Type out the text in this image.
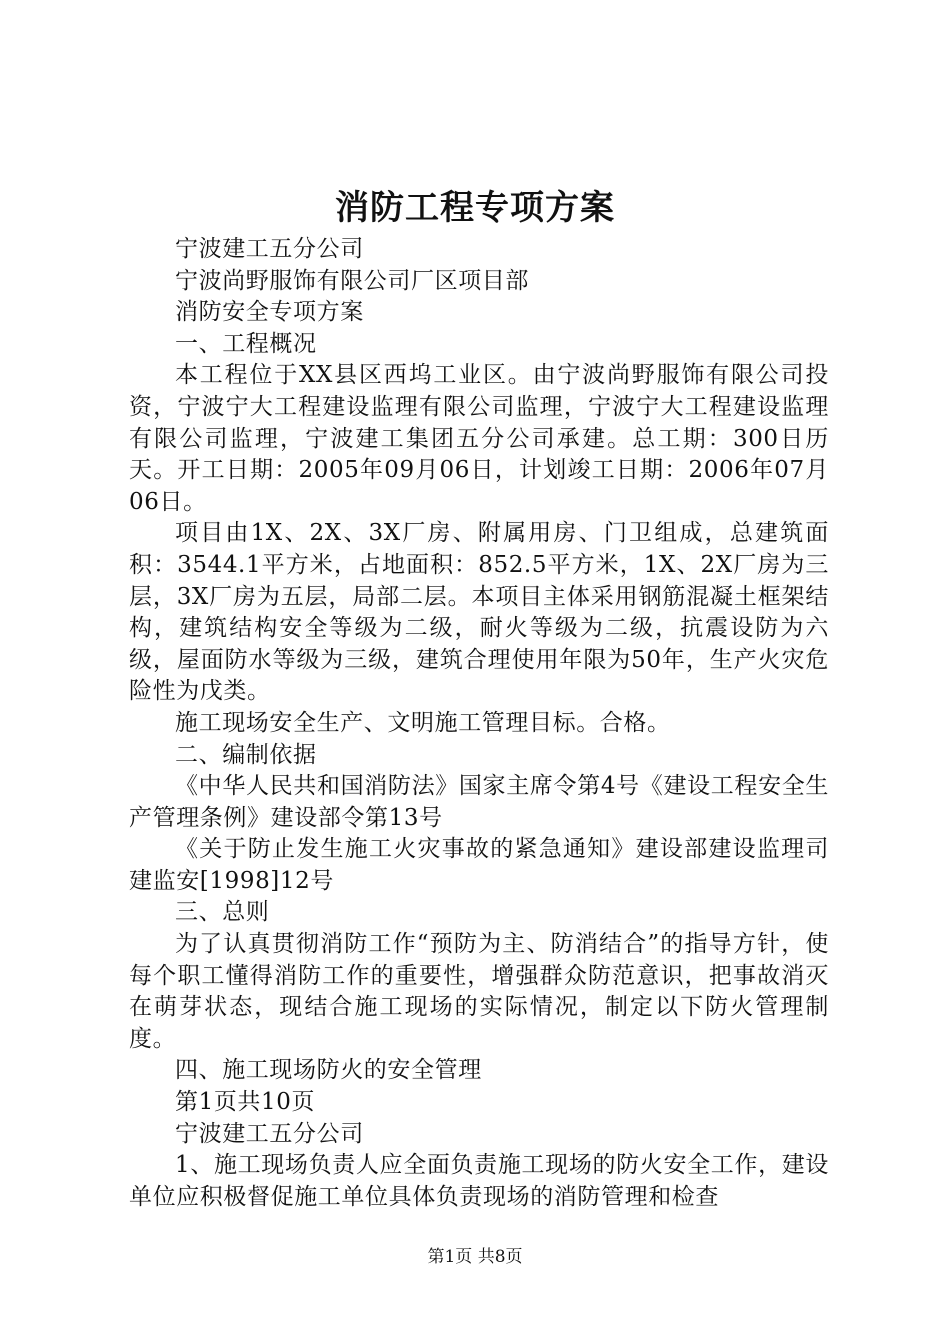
消防工程专项方案

宁波建工五分公司

宁波尚野服饰有限公司厂区项目部

消防安全专项方案

一、工程概况

本工程位于XX县区西坞工业区。由宁波尚野服饰有限公司投资，宁波宁大工程建设监理有限公司监理，宁波宁大工程建设监理有限公司监理，宁波建工集团五分公司承建。总工期：300日历天。开工日期：2005年09月06日，计划竣工日期：2006年07月06日。

项目由1X、2X、3X厂房、附属用房、门卫组成，总建筑面积：3544.1平方米，占地面积：852.5平方米，1X、2X厂房为三层，3X厂房为五层，局部二层。本项目主体采用钢筋混凝土框架结构，建筑结构安全等级为二级，耐火等级为二级，抗震设防为六级，屋面防水等级为三级，建筑合理使用年限为50年，生产火灾危险性为戊类。

施工现场安全生产、文明施工管理目标。合格。

二、编制依据

《中华人民共和国消防法》国家主席令第4号《建设工程安全生产管理条例》建设部令第13号

《关于防止发生施工火灾事故的紧急通知》建设部建设监理司建监安[1998]12号

三、总则

为了认真贯彻消防工作“预防为主、防消结合”的指导方针，使每个职工懂得消防工作的重要性，增强群众防范意识，把事故消灭在萌芽状态，现结合施工现场的实际情况，制定以下防火管理制度。

四、施工现场防火的安全管理

第1页共10页

宁波建工五分公司

1、施工现场负责人应全面负责施工现场的防火安全工作，建设单位应积极督促施工单位具体负责现场的消防管理和检查

第1页 共8页
